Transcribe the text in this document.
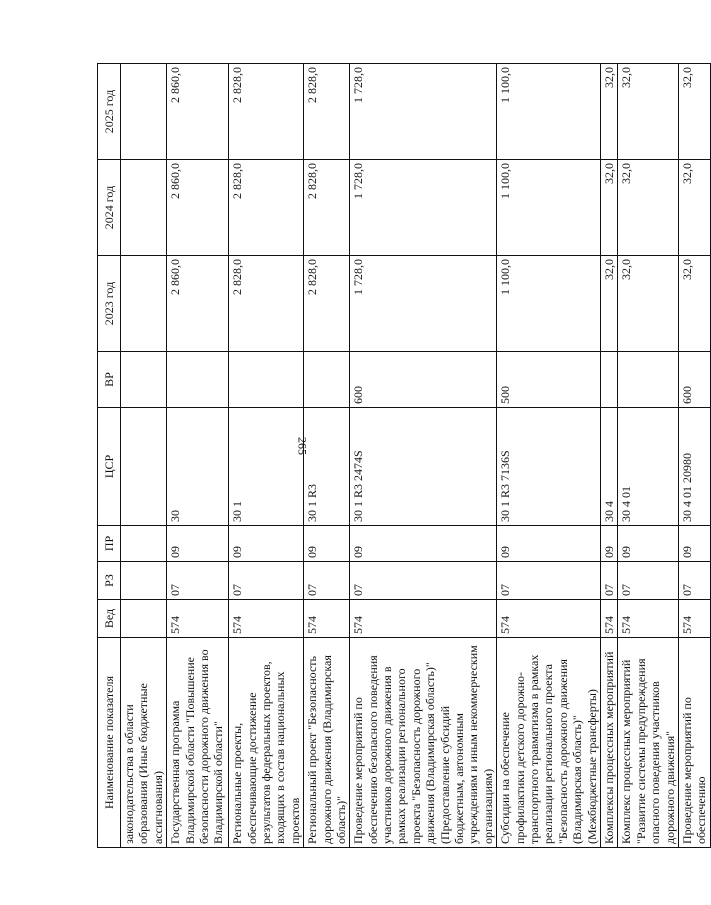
265
Наименование показателя	Вед	РЗ	ПР	ЦСР	ВР	2023 год	2024 год	2025 год
законодательства в области образования (Иные бюджетные ассигнования)								
Государственная программа Владимирской области "Повышение безопасности дорожного движения во Владимирской области"	574	07	09	30		2 860,0	2 860,0	2 860,0
Региональные проекты, обеспечивающие достижение результатов федеральных проектов, входящих в состав национальных проектов	574	07	09	30 1		2 828,0	2 828,0	2 828,0
Региональный проект "Безопасность дорожного движения (Владимирская область)"	574	07	09	30 1 R3		2 828,0	2 828,0	2 828,0
Проведение мероприятий по обеспечению безопасного поведения участников дорожного движения в рамках реализации регионального проекта "Безопасность дорожного движения (Владимирская область)" (Предоставление субсидий бюджетным, автономным учреждениям и иным некоммерческим организациям)	574	07	09	30 1 R3 2474S	600	1 728,0	1 728,0	1 728,0
Субсидии на обеспечение профилактики детского дорожно-транспортного травматизма в рамках реализации регионального проекта "Безопасность дорожного движения (Владимирская область)" (Межбюджетные трансферты)	574	07	09	30 1 R3 7136S	500	1 100,0	1 100,0	1 100,0
Комплексы процессных мероприятий	574	07	09	30 4		32,0	32,0	32,0
Комплекс процессных мероприятий "Развитие системы предупреждения опасного поведения участников дорожного движения"	574	07	09	30 4 01		32,0	32,0	32,0
Проведение мероприятий по обеспечению	574	07	09	30 4 01 20980	600	32,0	32,0	32,0
